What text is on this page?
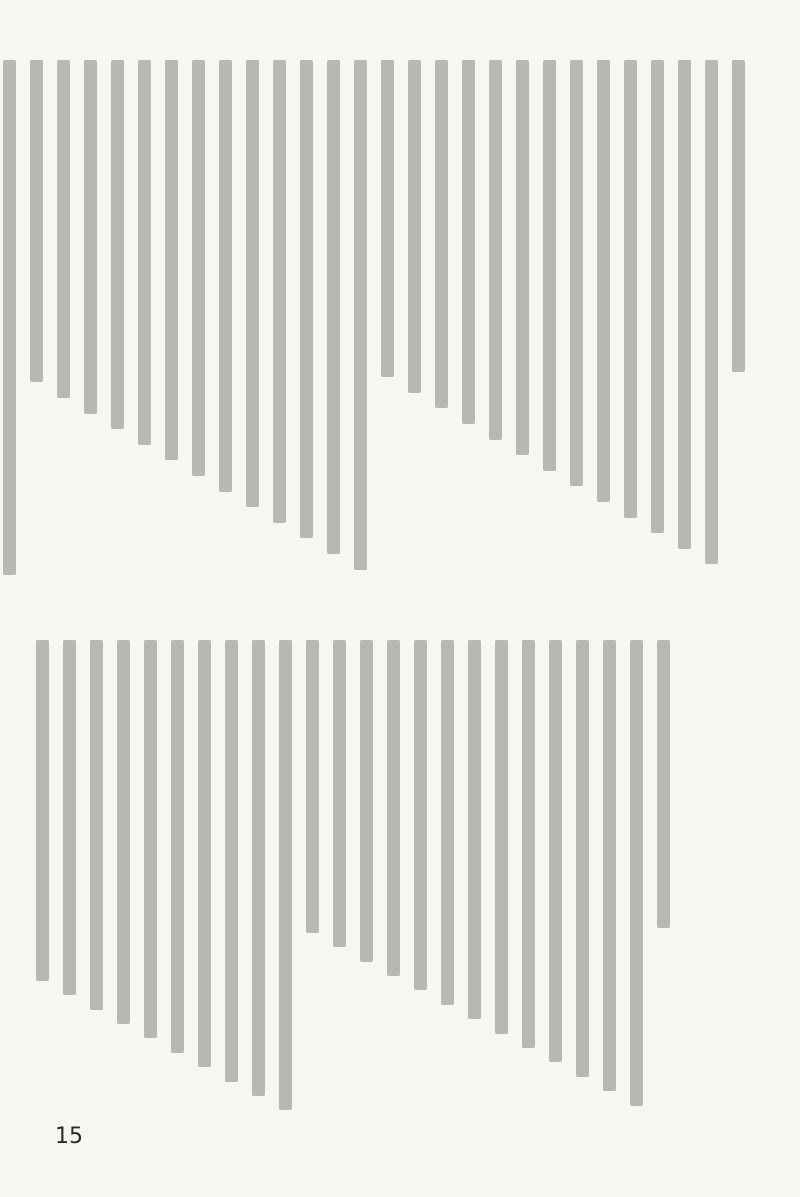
15
